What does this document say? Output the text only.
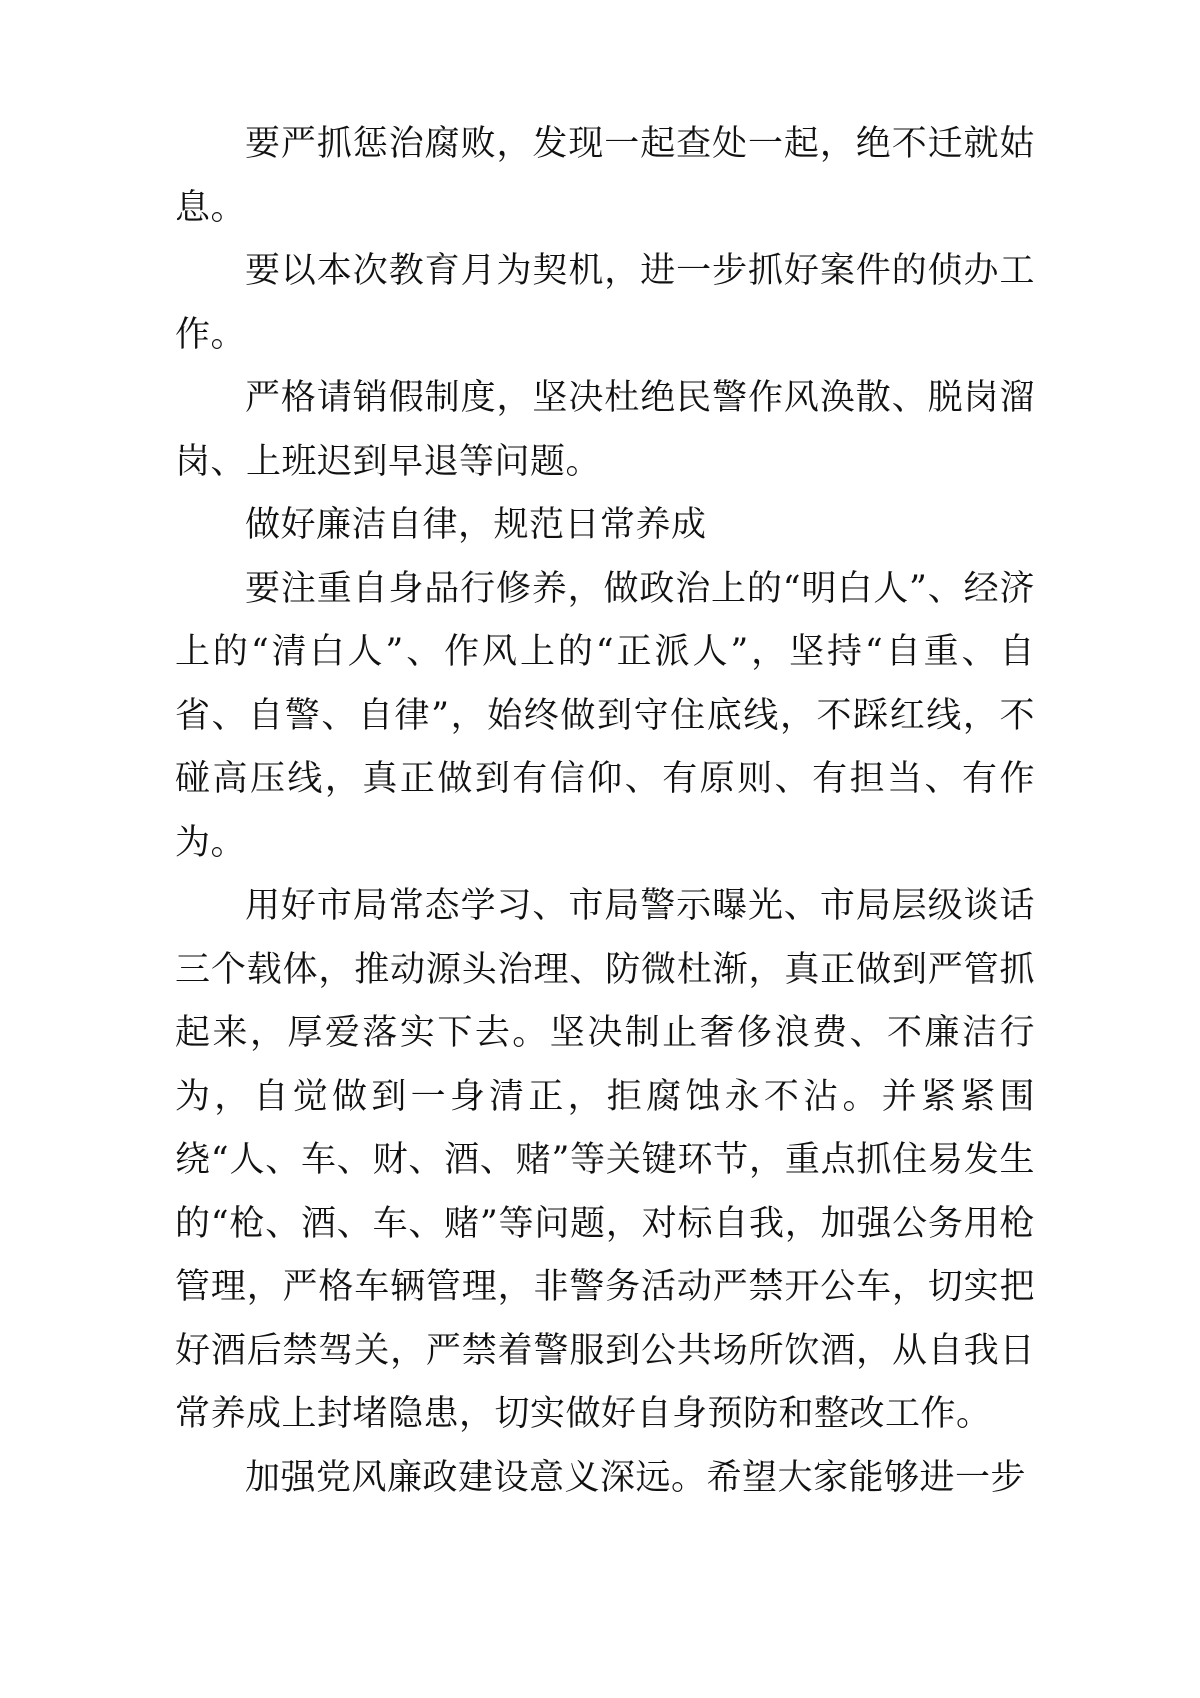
要严抓惩治腐败，发现一起查处一起，绝不迁就姑息。

要以本次教育月为契机，进一步抓好案件的侦办工作。

严格请销假制度，坚决杜绝民警作风涣散、脱岗溜岗、上班迟到早退等问题。

做好廉洁自律，规范日常养成

要注重自身品行修养，做政治上的“明白人”、经济上的“清白人”、作风上的“正派人”，坚持“自重、自省、自警、自律”，始终做到守住底线，不踩红线，不碰高压线，真正做到有信仰、有原则、有担当、有作为。

用好市局常态学习、市局警示曝光、市局层级谈话三个载体，推动源头治理、防微杜渐，真正做到严管抓起来，厚爱落实下去。坚决制止奢侈浪费、不廉洁行为，自觉做到一身清正，拒腐蚀永不沾。并紧紧围绕“人、车、财、酒、赌”等关键环节，重点抓住易发生的“枪、酒、车、赌”等问题，对标自我，加强公务用枪管理，严格车辆管理，非警务活动严禁开公车，切实把好酒后禁驾关，严禁着警服到公共场所饮酒，从自我日常养成上封堵隐患，切实做好自身预防和整改工作。

加强党风廉政建设意义深远。希望大家能够进一步
